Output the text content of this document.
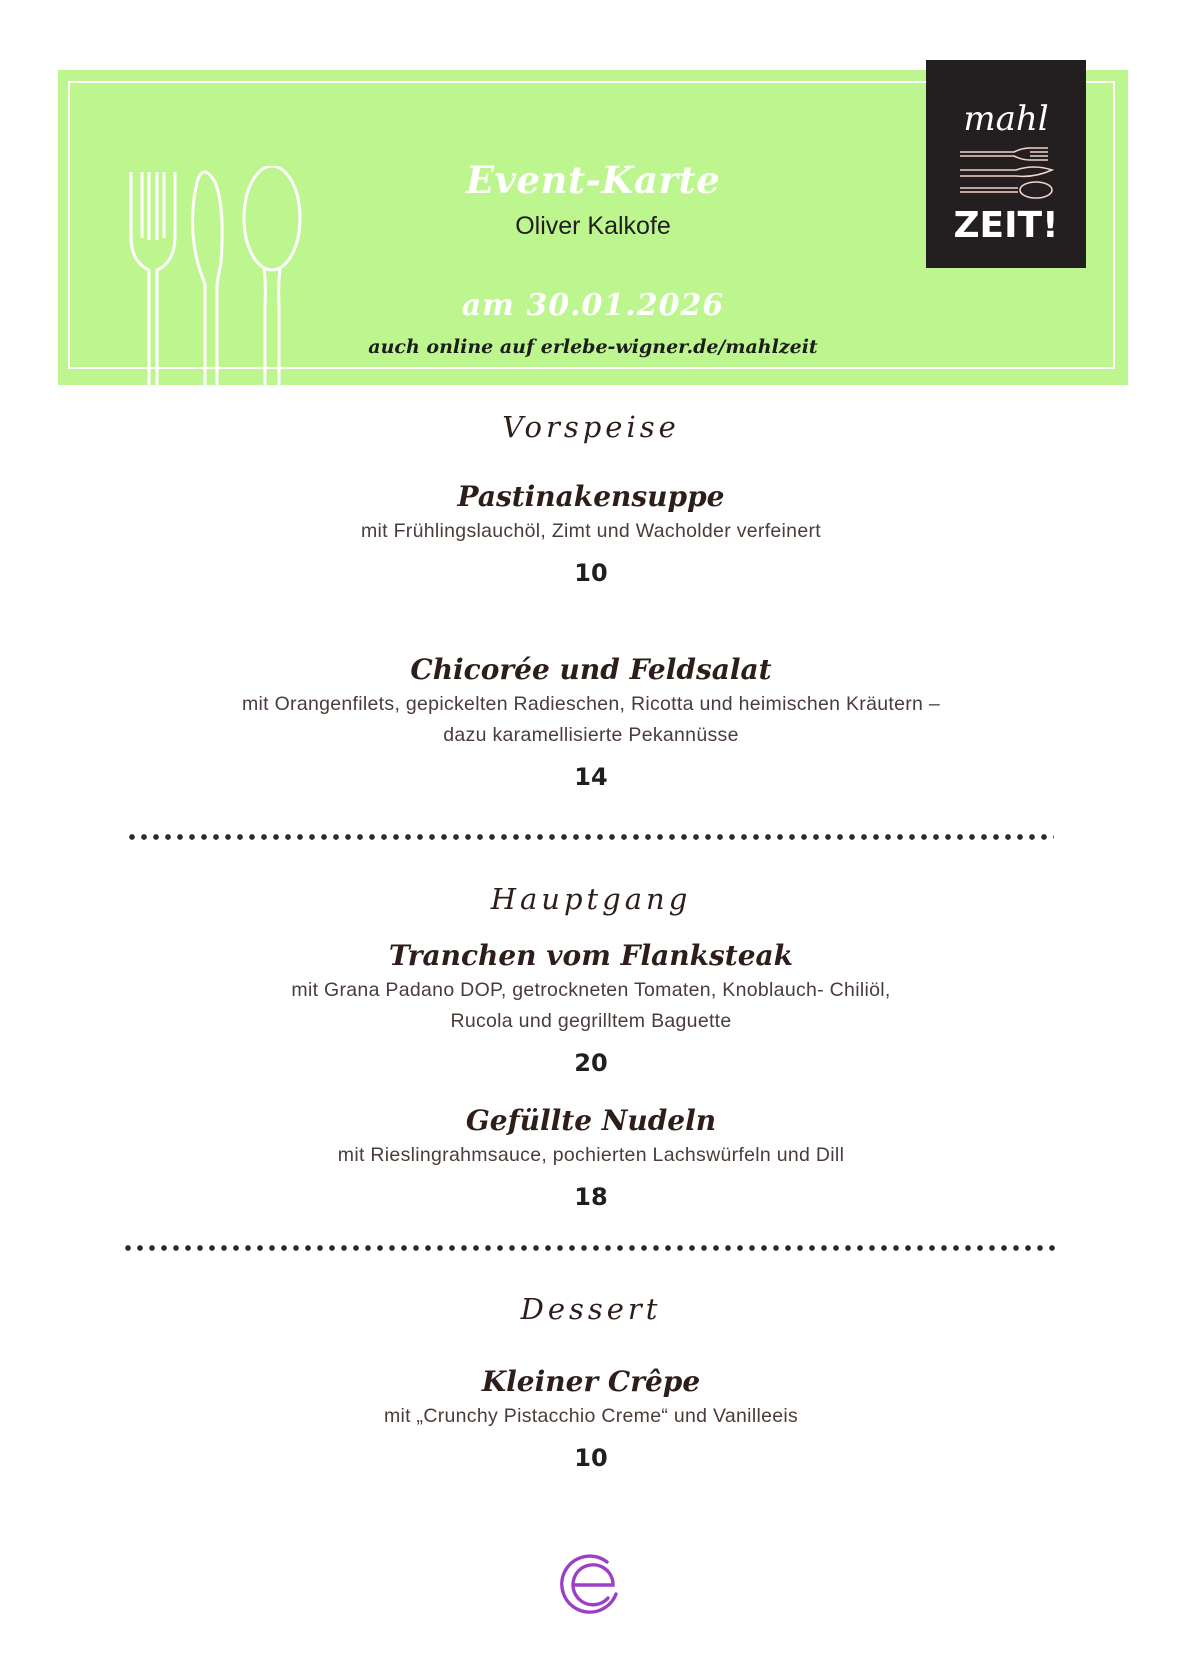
Event-Karte
Oliver Kalkofe
am 30.01.2026
auch online auf erlebe-wigner.de/mahlzeit
mahl
ZEIT!
Vorspeise
Pastinakensuppe
mit Frühlingslauchöl, Zimt und Wacholder verfeinert
10
Chicorée und Feldsalat
mit Orangenfilets, gepickelten Radieschen, Ricotta und heimischen Kräutern –
dazu karamellisierte Pekannüsse
14
Hauptgang
Tranchen vom Flanksteak
mit Grana Padano DOP, getrockneten Tomaten, Knoblauch- Chiliöl,
Rucola und gegrilltem Baguette
20
Gefüllte Nudeln
mit Rieslingrahmsauce, pochierten Lachswürfeln und Dill
18
Dessert
Kleiner Crêpe
mit „Crunchy Pistacchio Creme“ und Vanilleeis
10
